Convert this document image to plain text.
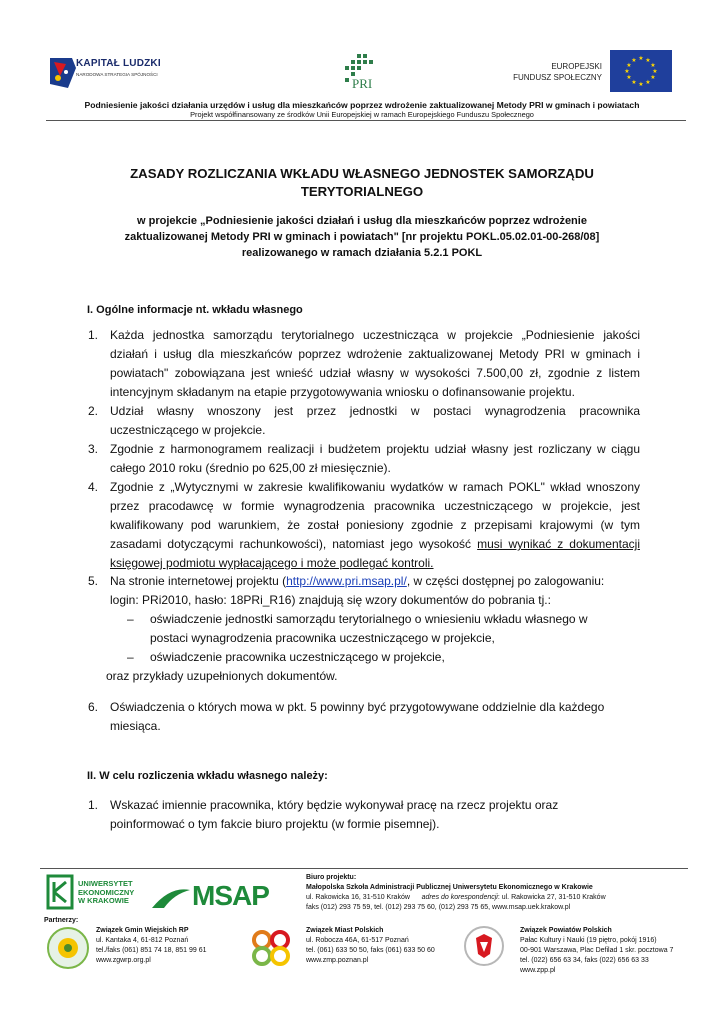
KAPITAŁ LUDZKI
NARODOWA STRATEGIA SPÓJNOŚCI
PRI
EUROPEJSKI
FUNDUSZ SPOŁECZNY
★ ★
★
★
★
★
★
★
★
★
★
★
Podniesienie jakości działania urzędów i usług dla mieszkańców poprzez wdrożenie zaktualizowanej Metody PRI w gminach i powiatach
Projekt współfinansowany ze środków Unii Europejskiej w ramach Europejskiego Funduszu Społecznego
ZASADY ROZLICZANIA WKŁADU WŁASNEGO JEDNOSTEK SAMORZĄDU
TERYTORIALNEGO
w projekcie „Podniesienie jakości działań i usług dla mieszkańców poprzez wdrożenie
zaktualizowanej Metody PRI w gminach i powiatach" [nr projektu POKL.05.02.01-00-268/08]
realizowanego w ramach działania 5.2.1 POKL
I. Ogólne informacje nt. wkładu własnego
1. Każda jednostka samorządu terytorialnego uczestnicząca w projekcie „Podniesienie jakości
działań i usług dla mieszkańców poprzez wdrożenie zaktualizowanej Metody PRI w gminach i
powiatach" zobowiązana jest wnieść udział własny w wysokości 7.500,00 zł, zgodnie z listem
intencyjnym składanym na etapie przygotowywania wniosku o dofinansowanie projektu.
2. Udział własny wnoszony jest przez jednostki w postaci wynagrodzenia pracownika
uczestniczącego w projekcie.
3. Zgodnie z harmonogramem realizacji i budżetem projektu udział własny jest rozliczany w ciągu
całego 2010 roku (średnio po 625,00 zł miesięcznie).
4. Zgodnie z „Wytycznymi w zakresie kwalifikowaniu wydatków w ramach POKL" wkład wnoszony
przez pracodawcę w formie wynagrodzenia pracownika uczestniczącego w projekcie, jest
kwalifikowany pod warunkiem, że został poniesiony zgodnie z przepisami krajowymi (w tym
zasadami dotyczącymi rachunkowości), natomiast jego wysokość musi wynikać z dokumentacji
księgowej podmiotu wypłacającego i może podlegać kontroli.
5. Na stronie internetowej projektu (http://www.pri.msap.pl/, w części dostępnej po zalogowaniu:
login: PRi2010, hasło: 18PRi_R16) znajdują się wzory dokumentów do pobrania tj.:
– oświadczenie jednostki samorządu terytorialnego o wniesieniu wkładu własnego w
postaci wynagrodzenia pracownika uczestniczącego w projekcie,
– oświadczenie pracownika uczestniczącego w projekcie,
oraz przykłady uzupełnionych dokumentów.
6. Oświadczenia o których mowa w pkt. 5 powinny być przygotowywane oddzielnie dla każdego
miesiąca.
II. W celu rozliczenia wkładu własnego należy:
1. Wskazać imiennie pracownika, który będzie wykonywał pracę na rzecz projektu oraz
poinformować o tym fakcie biuro projektu (w formie pisemnej).
UNIWERSYTET
EKONOMICZNY
W KRAKOWIE MSAP
Biuro projektu:
Małopolska Szkoła Administracji Publicznej Uniwersytetu Ekonomicznego w Krakowie
ul. Rakowicka 16, 31-510 Kraków adres do korespondencji: ul. Rakowicka 27, 31-510 Kraków
faks (012) 293 75 59, tel. (012) 293 75 60, (012) 293 75 65, www.msap.uek.krakow.pl
Partnerzy:
Związek Gmin Wiejskich RP
ul. Kantaka 4, 61-812 Poznań
tel./faks (061) 851 74 18, 851 99 61
www.zgwrp.org.pl
Związek Miast Polskich
ul. Robocza 46A, 61-517 Poznań
tel. (061) 633 50 50, faks (061) 633 50 60
www.zmp.poznan.pl
Związek Powiatów Polskich
Pałac Kultury i Nauki (19 piętro, pokój 1916)
00-901 Warszawa, Plac Defilad 1 skr. pocztowa 7
tel. (022) 656 63 34, faks (022) 656 63 33
www.zpp.pl
